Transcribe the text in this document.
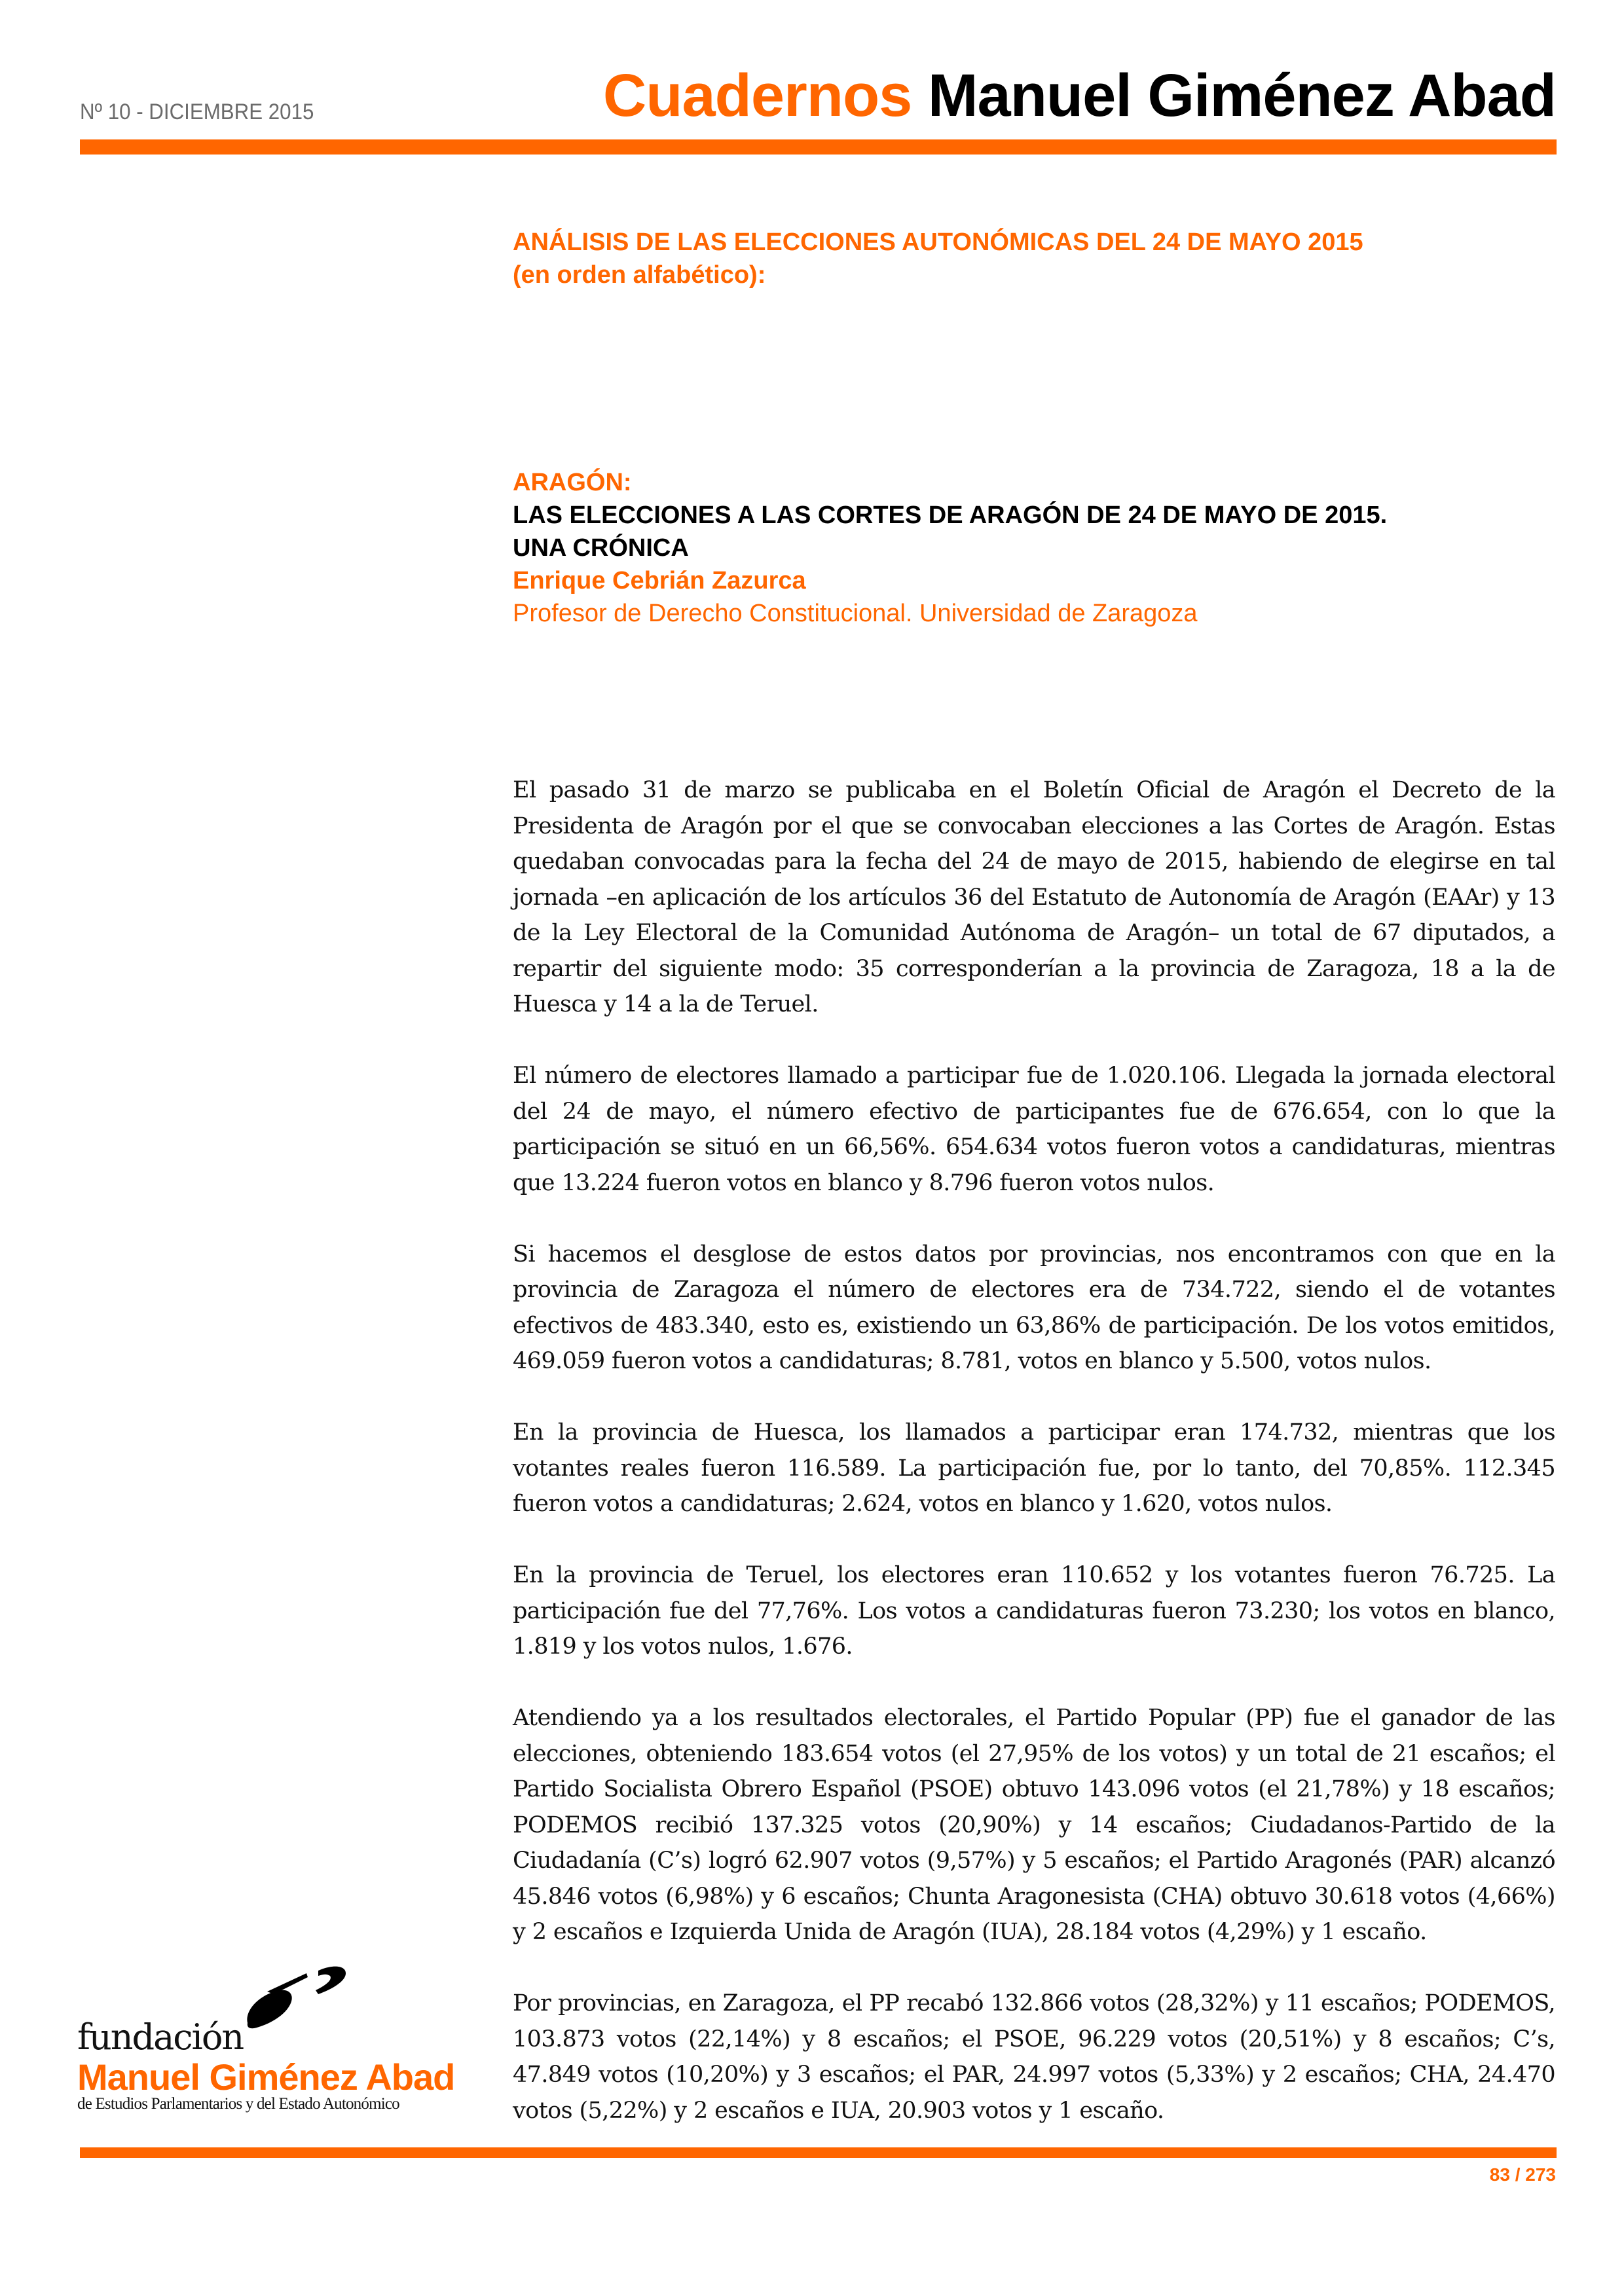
Nº 10 - DICIEMBRE 2015	Cuadernos Manuel Giménez Abad
ANÁLISIS DE LAS ELECCIONES AUTONÓMICAS DEL 24 DE MAYO 2015
(en orden alfabético):
ARAGÓN:
LAS ELECCIONES A LAS CORTES DE ARAGÓN DE 24 DE MAYO DE 2015.
UNA CRÓNICA
Enrique Cebrián Zazurca
Profesor de Derecho Constitucional. Universidad de Zaragoza

El pasado 31 de marzo se publicaba en el Boletín Oficial de Aragón el Decreto de la Presidenta de Aragón por el que se convocaban elecciones a las Cortes de Aragón. Estas quedaban convocadas para la fecha del 24 de mayo de 2015, habiendo de elegirse en tal jornada –en aplicación de los artículos 36 del Estatuto de Autonomía de Aragón (EAAr) y 13 de la Ley Electoral de la Comunidad Autónoma de Aragón– un total de 67 diputados, a repartir del siguiente modo: 35 corresponderían a la provincia de Zaragoza, 18 a la de Huesca y 14 a la de Teruel.

El número de electores llamado a participar fue de 1.020.106. Llegada la jornada electoral del 24 de mayo, el número efectivo de participantes fue de 676.654, con lo que la participación se situó en un 66,56%. 654.634 votos fueron votos a candidaturas, mientras que 13.224 fueron votos en blanco y 8.796 fueron votos nulos.

Si hacemos el desglose de estos datos por provincias, nos encontramos con que en la provincia de Zaragoza el número de electores era de 734.722, siendo el de votantes efectivos de 483.340, esto es, existiendo un 63,86% de participación. De los votos emitidos, 469.059 fueron votos a candidaturas; 8.781, votos en blanco y 5.500, votos nulos.

En la provincia de Huesca, los llamados a participar eran 174.732, mientras que los votantes reales fueron 116.589. La participación fue, por lo tanto, del 70,85%. 112.345 fueron votos a candidaturas; 2.624, votos en blanco y 1.620, votos nulos.

En la provincia de Teruel, los electores eran 110.652 y los votantes fueron 76.725. La participación fue del 77,76%. Los votos a candidaturas fueron 73.230; los votos en blanco, 1.819 y los votos nulos, 1.676.

Atendiendo ya a los resultados electorales, el Partido Popular (PP) fue el ganador de las elecciones, obteniendo 183.654 votos (el 27,95% de los votos) y un total de 21 escaños; el Partido Socialista Obrero Español (PSOE) obtuvo 143.096 votos (el 21,78%) y 18 escaños; PODEMOS recibió 137.325 votos (20,90%) y 14 escaños; Ciudadanos-Partido de la Ciudadanía (C’s) logró 62.907 votos (9,57%) y 5 escaños; el Partido Aragonés (PAR) alcanzó 45.846 votos (6,98%) y 6 escaños; Chunta Aragonesista (CHA) obtuvo 30.618 votos (4,66%) y 2 escaños e Izquierda Unida de Aragón (IUA), 28.184 votos (4,29%) y 1 escaño.

Por provincias, en Zaragoza, el PP recabó 132.866 votos (28,32%) y 11 escaños; PODEMOS, 103.873 votos (22,14%) y 8 escaños; el PSOE, 96.229 votos (20,51%) y 8 escaños; C’s, 47.849 votos (10,20%) y 3 escaños; el PAR, 24.997 votos (5,33%) y 2 escaños; CHA, 24.470 votos (5,22%) y 2 escaños e IUA, 20.903 votos y 1 escaño.

fundación
Manuel Giménez Abad
de Estudios Parlamentarios y del Estado Autonómico
83 / 273
